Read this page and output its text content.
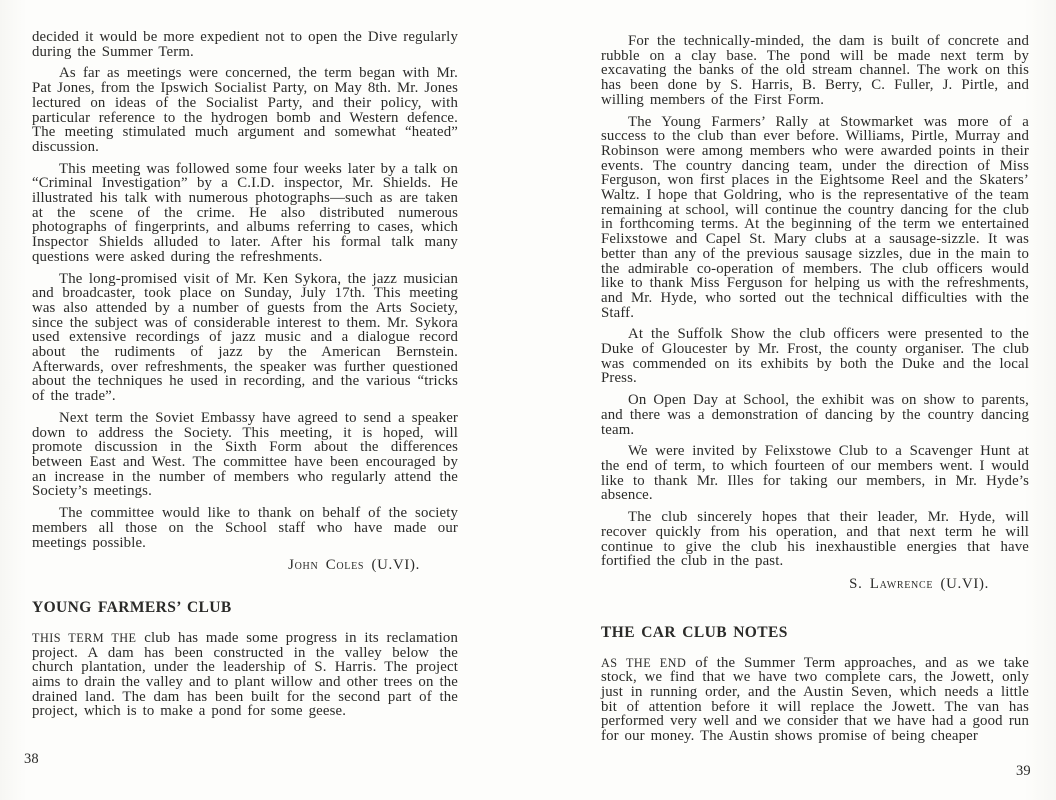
decided it would be more expedient not to open the Dive regularly during the Summer Term.

As far as meetings were concerned, the term began with Mr. Pat Jones, from the Ipswich Socialist Party, on May 8th. Mr. Jones lectured on ideas of the Socialist Party, and their policy, with particular reference to the hydrogen bomb and Western defence. The meeting stimulated much argument and somewhat “heated” discussion.

This meeting was followed some four weeks later by a talk on “Criminal Investigation” by a C.I.D. inspector, Mr. Shields. He illustrated his talk with numerous photographs—such as are taken at the scene of the crime. He also distributed numerous photographs of fingerprints, and albums referring to cases, which Inspector Shields alluded to later. After his formal talk many questions were asked during the refreshments.

The long-promised visit of Mr. Ken Sykora, the jazz musician and broadcaster, took place on Sunday, July 17th. This meeting was also attended by a number of guests from the Arts Society, since the subject was of considerable interest to them. Mr. Sykora used extensive recordings of jazz music and a dialogue record about the rudiments of jazz by the American Bernstein. Afterwards, over refreshments, the speaker was further questioned about the techniques he used in recording, and the various “tricks of the trade”.

Next term the Soviet Embassy have agreed to send a speaker down to address the Society. This meeting, it is hoped, will promote discussion in the Sixth Form about the differences between East and West. The committee have been encouraged by an increase in the number of members who regularly attend the Society’s meetings.

The committee would like to thank on behalf of the society members all those on the School staff who have made our meetings possible.

John Coles (U.VI).

YOUNG FARMERS’ CLUB

THIS TERM THE club has made some progress in its reclamation project. A dam has been constructed in the valley below the church plantation, under the leadership of S. Harris. The project aims to drain the valley and to plant willow and other trees on the drained land. The dam has been built for the second part of the project, which is to make a pond for some geese.

For the technically-minded, the dam is built of concrete and rubble on a clay base. The pond will be made next term by excavating the banks of the old stream channel. The work on this has been done by S. Harris, B. Berry, C. Fuller, J. Pirtle, and willing members of the First Form.

The Young Farmers’ Rally at Stowmarket was more of a success to the club than ever before. Williams, Pirtle, Murray and Robinson were among members who were awarded points in their events. The country dancing team, under the direction of Miss Ferguson, won first places in the Eightsome Reel and the Skaters’ Waltz. I hope that Goldring, who is the representative of the team remaining at school, will continue the country dancing for the club in forthcoming terms. At the beginning of the term we entertained Felixstowe and Capel St. Mary clubs at a sausage-sizzle. It was better than any of the previous sausage sizzles, due in the main to the admirable co-operation of members. The club officers would like to thank Miss Ferguson for helping us with the refreshments, and Mr. Hyde, who sorted out the technical difficulties with the Staff.

At the Suffolk Show the club officers were presented to the Duke of Gloucester by Mr. Frost, the county organiser. The club was commended on its exhibits by both the Duke and the local Press.

On Open Day at School, the exhibit was on show to parents, and there was a demonstration of dancing by the country dancing team.

We were invited by Felixstowe Club to a Scavenger Hunt at the end of term, to which fourteen of our members went. I would like to thank Mr. Illes for taking our members, in Mr. Hyde’s absence.

The club sincerely hopes that their leader, Mr. Hyde, will recover quickly from his operation, and that next term he will continue to give the club his inexhaustible energies that have fortified the club in the past.

S. Lawrence (U.VI).

THE CAR CLUB NOTES

AS THE END of the Summer Term approaches, and as we take stock, we find that we have two complete cars, the Jowett, only just in running order, and the Austin Seven, which needs a little bit of attention before it will replace the Jowett. The van has performed very well and we consider that we have had a good run for our money. The Austin shows promise of being cheaper

38
39
